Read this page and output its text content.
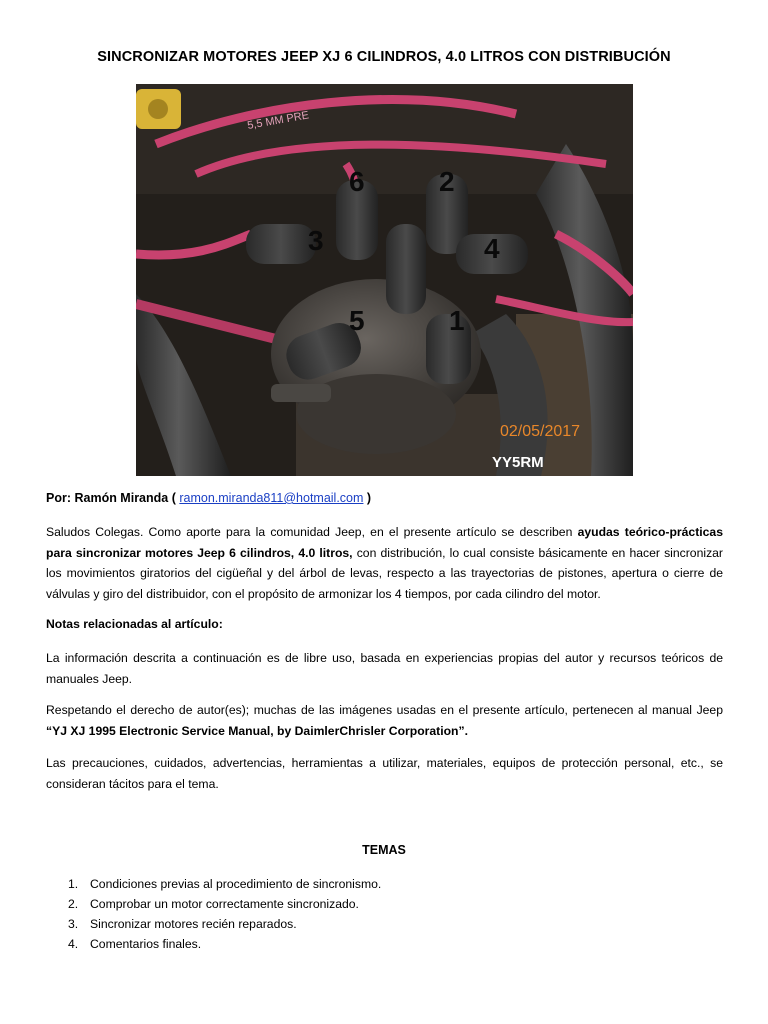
SINCRONIZAR MOTORES JEEP XJ 6 CILINDROS, 4.0 LITROS CON DISTRIBUCIÓN
5,5 MM PRE
6	2
3	4
5	1
02/05/2017
YY5RM
Por: Ramón Miranda ( ramon.miranda811@hotmail.com )
Saludos Colegas. Como aporte para la comunidad Jeep, en el presente artículo se describen ayudas teórico-prácticas para sincronizar motores Jeep 6 cilindros, 4.0 litros, con distribución, lo cual consiste básicamente en hacer sincronizar los movimientos giratorios del cigüeñal y del árbol de levas, respecto a las trayectorias de pistones, apertura o cierre de válvulas y giro del distribuidor, con el propósito de armonizar los 4 tiempos, por cada cilindro del motor.
Notas relacionadas al artículo:
La información descrita a continuación es de libre uso, basada en experiencias propias del autor y recursos teóricos de manuales Jeep.
Respetando el derecho de autor(es); muchas de las imágenes usadas en el presente artículo, pertenecen al manual Jeep “YJ XJ 1995 Electronic Service Manual, by DaimlerChrisler Corporation”.
Las precauciones, cuidados, advertencias, herramientas a utilizar, materiales, equipos de protección personal, etc., se consideran tácitos para el tema.
TEMAS
1. Condiciones previas al procedimiento de sincronismo.
2. Comprobar un motor correctamente sincronizado.
3. Sincronizar motores recién reparados.
4. Comentarios finales.
